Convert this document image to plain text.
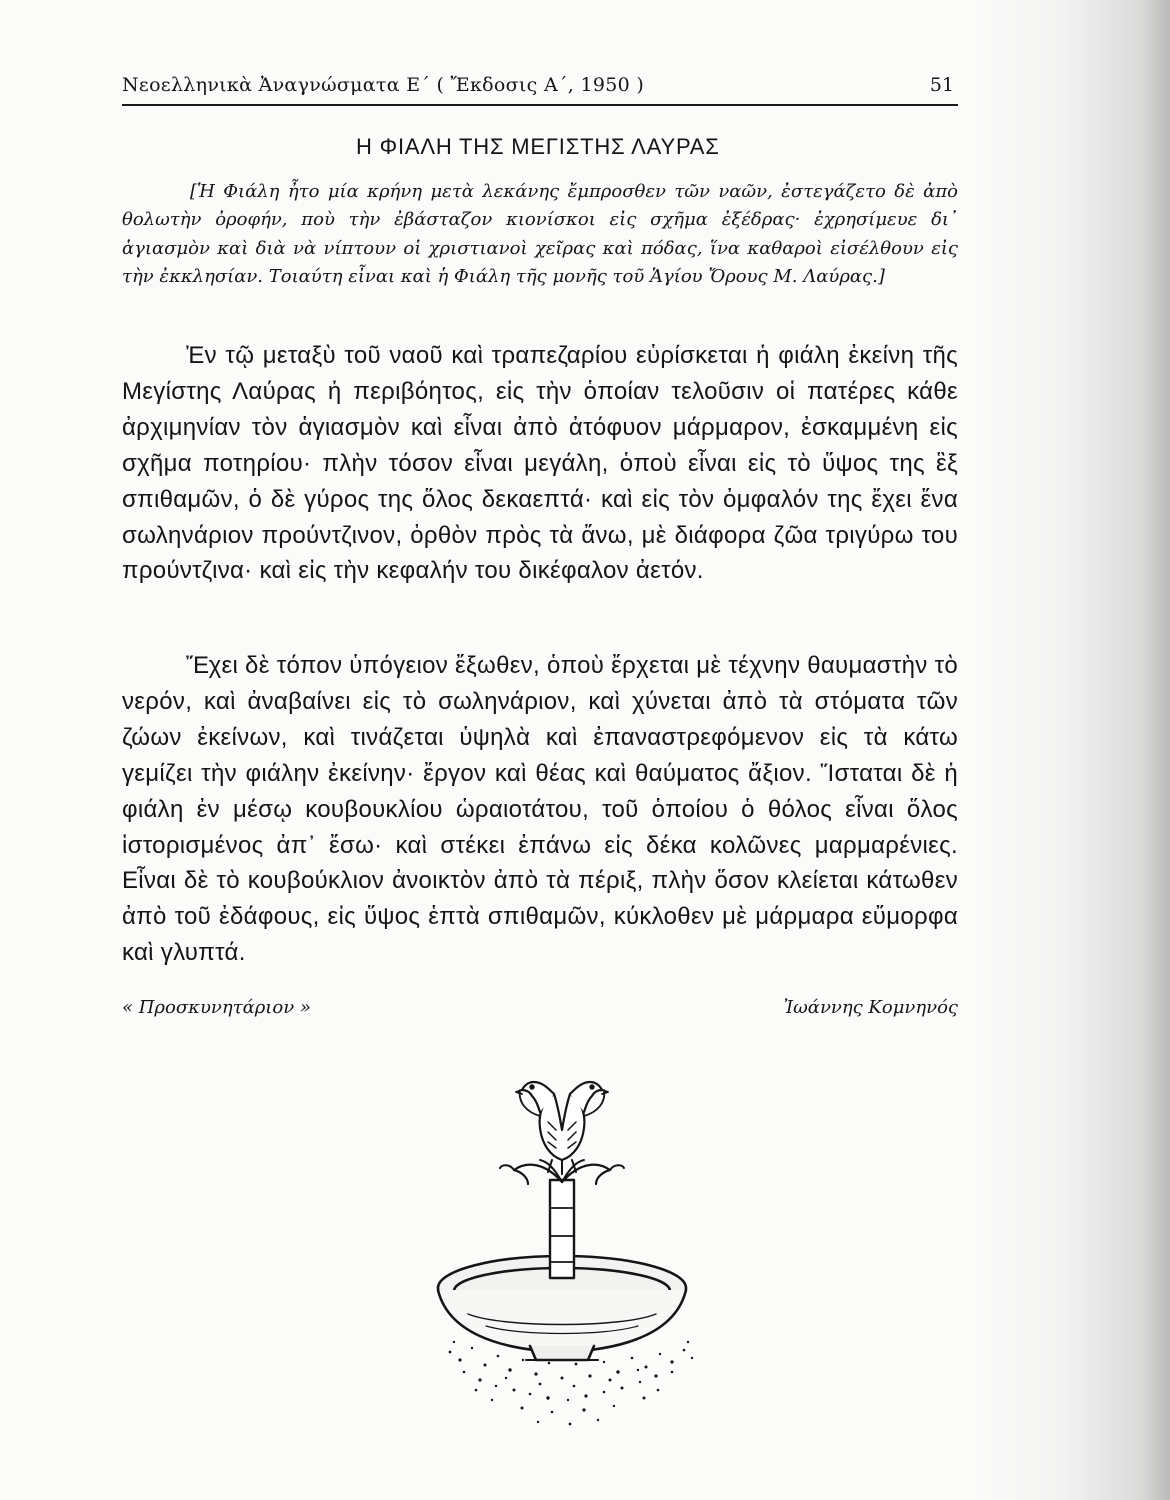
Νεοελληνικὰ Ἀναγνώσματα Ε΄ ( Ἔκδοσις Α΄, 1950 )	51
Η ΦΙΑΛΗ ΤΗΣ ΜΕΓΙΣΤΗΣ ΛΑΥΡΑΣ

[Ἡ Φιάλη ἦτο μία κρήνη μετὰ λεκάνης ἔμπροσθεν τῶν ναῶν, ἐστεγάζετο δὲ ἀπὸ θολωτὴν ὀροφήν, ποὺ τὴν ἐβάσταζον κιονίσκοι εἰς σχῆμα ἐξέδρας· ἐχρησίμευε δι᾽ ἁγιασμὸν καὶ διὰ νὰ νίπτουν οἱ χριστιανοὶ χεῖρας καὶ πόδας, ἵνα καθαροὶ εἰσέλθουν εἰς τὴν ἐκκλησίαν. Τοιαύτη εἶναι καὶ ἡ Φιάλη τῆς μονῆς τοῦ Ἁγίου Ὄρους Μ. Λαύρας.]

Ἐν τῷ μεταξὺ τοῦ ναοῦ καὶ τραπεζαρίου εὑρίσκεται ἡ φιάλη ἐκείνη τῆς Μεγίστης Λαύρας ἡ περιβόητος, εἰς τὴν ὁποίαν τελοῦσιν οἱ πατέρες κάθε ἀρχιμηνίαν τὸν ἁγιασμὸν καὶ εἶναι ἀπὸ ἀτόφυον μάρμαρον, ἐσκαμμένη εἰς σχῆμα ποτηρίου· πλὴν τόσον εἶναι μεγάλη, ὁποὺ εἶναι εἰς τὸ ὕψος της ἓξ σπιθαμῶν, ὁ δὲ γύρος της ὅλος δεκαεπτά· καὶ εἰς τὸν ὀμφαλόν της ἔχει ἕνα σωληνάριον προύντζινον, ὀρθὸν πρὸς τὰ ἄνω, μὲ διάφορα ζῶα τριγύρω του προύντζινα· καὶ εἰς τὴν κεφαλήν του δικέφαλον ἀετόν.

Ἔχει δὲ τόπον ὑπόγειον ἔξωθεν, ὁποὺ ἔρχεται μὲ τέχνην θαυμαστὴν τὸ νερόν, καὶ ἀναβαίνει εἰς τὸ σωληνάριον, καὶ χύνεται ἀπὸ τὰ στόματα τῶν ζώων ἐκείνων, καὶ τινάζεται ὑψηλὰ καὶ ἐπαναστρεφόμενον εἰς τὰ κάτω γεμίζει τὴν φιάλην ἐκείνην· ἔργον καὶ θέας καὶ θαύματος ἄξιον. Ἵσταται δὲ ἡ φιάλη ἐν μέσῳ κουβουκλίου ὡραιοτάτου, τοῦ ὁποίου ὁ θόλος εἶναι ὅλος ἱστορισμένος ἀπ᾽ ἔσω· καὶ στέκει ἐπάνω εἰς δέκα κολῶνες μαρμαρένιες. Εἶναι δὲ τὸ κουβούκλιον ἀνοικτὸν ἀπὸ τὰ πέριξ, πλὴν ὅσον κλείεται κάτωθεν ἀπὸ τοῦ ἐδάφους, εἰς ὕψος ἑπτὰ σπιθαμῶν, κύκλοθεν μὲ μάρμαρα εὔμορφα καὶ γλυπτά.

« Προσκυνητάριον »	Ἰωάννης Κομνηνός
